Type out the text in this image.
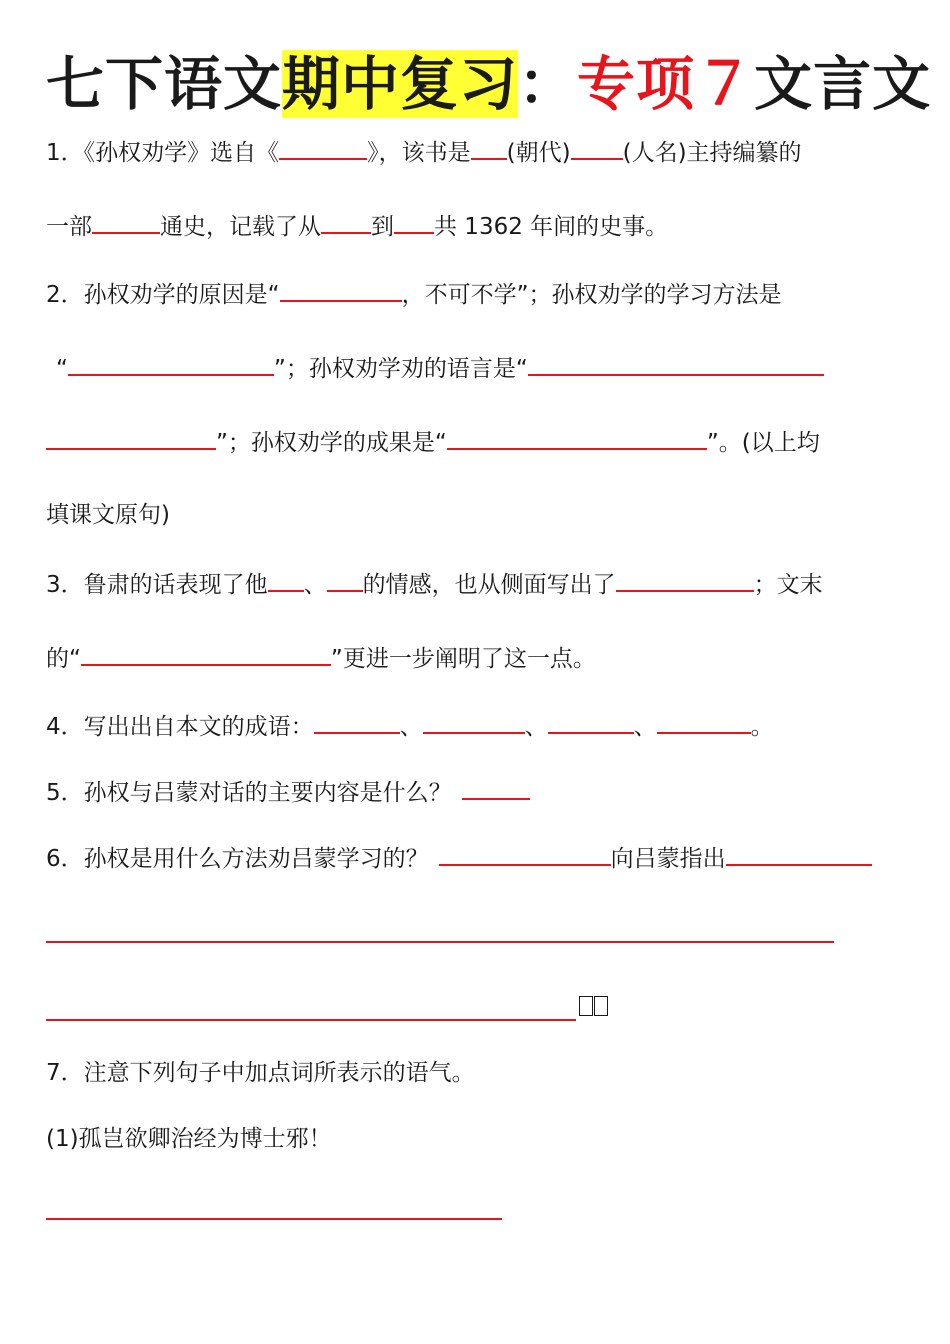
七下语文期中复习：专项７文言文
1．《孙权劝学》选自《	》，该书是 (朝代) (人名)主持编纂的
一部	通史，记载了从 到 共 1362 年间的史事。
2．孙权劝学的原因是“	，不可不学”；孙权劝学的学习方法是
“	”；孙权劝学劝的语言是“
”；孙权劝学的成果是“	”。(以上均
填课文原句)
3．鲁肃的话表现了他 、 的情感，也从侧面写出了	；文末
的“	”更进一步阐明了这一点。
4．写出出自本文的成语：	、	、	、	。
5．孙权与吕蒙对话的主要内容是什么？
6．孙权是用什么方法劝吕蒙学习的？	向吕蒙指出
7．注意下列句子中加点词所表示的语气。
(1)孤岂欲卿治经为博士邪！
